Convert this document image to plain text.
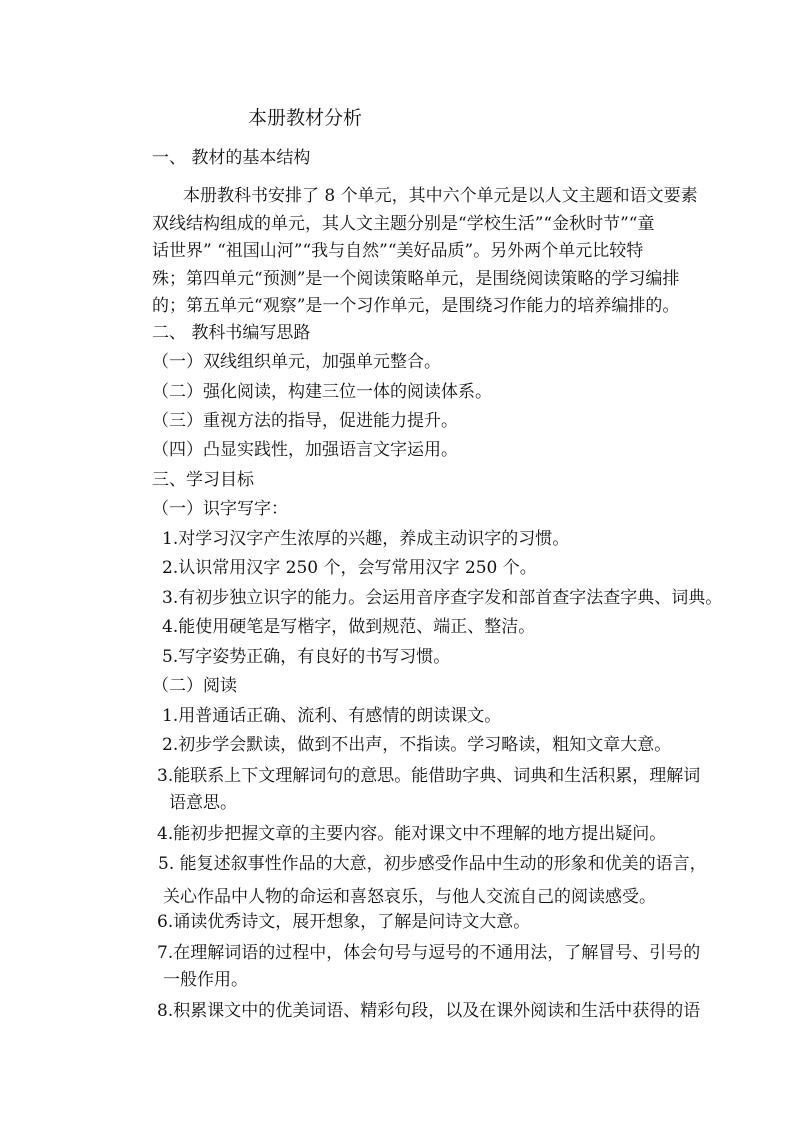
本册教材分析
一、 教材的基本结构
本册教科书安排了 8 个单元，其中六个单元是以人文主题和语文要素
双线结构组成的单元，其人文主题分别是“学校生活”“金秋时节”“童
话世界” “祖国山河”“我与自然”“美好品质”。另外两个单元比较特
殊；第四单元“预测”是一个阅读策略单元，是围绕阅读策略的学习编排
的；第五单元“观察”是一个习作单元，是围绕习作能力的培养编排的。
二、 教科书编写思路
（一）双线组织单元，加强单元整合。
（二）强化阅读，构建三位一体的阅读体系。
（三）重视方法的指导，促进能力提升。
（四）凸显实践性，加强语言文字运用。
三、学习目标
（一）识字写字：
1.对学习汉字产生浓厚的兴趣，养成主动识字的习惯。
2.认识常用汉字 250 个，会写常用汉字 250 个。
3.有初步独立识字的能力。会运用音序查字发和部首查字法查字典、词典。
4.能使用硬笔是写楷字，做到规范、端正、整洁。
5.写字姿势正确，有良好的书写习惯。
（二）阅读
1.用普通话正确、流利、有感情的朗读课文。
2.初步学会默读，做到不出声，不指读。学习略读，粗知文章大意。
3.能联系上下文理解词句的意思。能借助字典、词典和生活积累，理解词
语意思。
4.能初步把握文章的主要内容。能对课文中不理解的地方提出疑问。
5. 能复述叙事性作品的大意，初步感受作品中生动的形象和优美的语言，
关心作品中人物的命运和喜怒哀乐，与他人交流自己的阅读感受。
6.诵读优秀诗文，展开想象，了解是问诗文大意。
7.在理解词语的过程中，体会句号与逗号的不通用法，了解冒号、引号的
一般作用。
8.积累课文中的优美词语、精彩句段，以及在课外阅读和生活中获得的语
